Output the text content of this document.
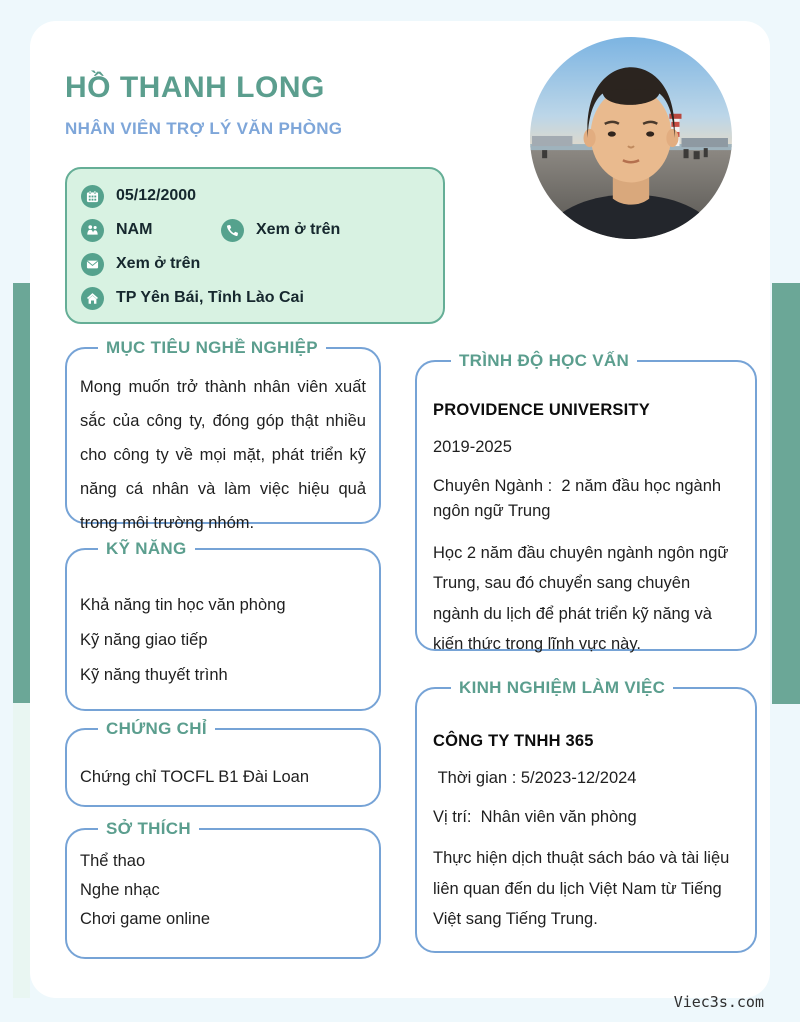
HỒ THANH LONG
NHÂN VIÊN TRỢ LÝ VĂN PHÒNG
05/12/2000
NAM	Xem ở trên
Xem ở trên
TP Yên Bái, Tỉnh Lào Cai
MỤC TIÊU NGHỀ NGHIỆP

Mong muốn trở thành nhân viên xuất sắc của công ty, đóng góp thật nhiều cho công ty về mọi mặt, phát triển kỹ năng cá nhân và làm việc hiệu quả trong môi trường nhóm.

KỸ NĂNG

Khả năng tin học văn phòng

Kỹ năng giao tiếp

Kỹ năng thuyết trình

CHỨNG CHỈ

Chứng chỉ TOCFL B1 Đài Loan

SỞ THÍCH

Thể thao

Nghe nhạc

Chơi game online

TRÌNH ĐỘ HỌC VẤN

PROVIDENCE UNIVERSITY

2019-2025

Chuyên Ngành :  2 năm đầu học ngành ngôn ngữ Trung

Học 2 năm đầu chuyên ngành ngôn ngữ Trung, sau đó chuyển sang chuyên ngành du lịch để phát triển kỹ năng và kiến thức trong lĩnh vực này.

KINH NGHIỆM LÀM VIỆC

CÔNG TY TNHH 365

Thời gian : 5/2023-12/2024

Vị trí:  Nhân viên văn phòng

Thực hiện dịch thuật sách báo và tài liệu liên quan đến du lịch Việt Nam từ Tiếng Việt sang Tiếng Trung.

Viec3s.com
